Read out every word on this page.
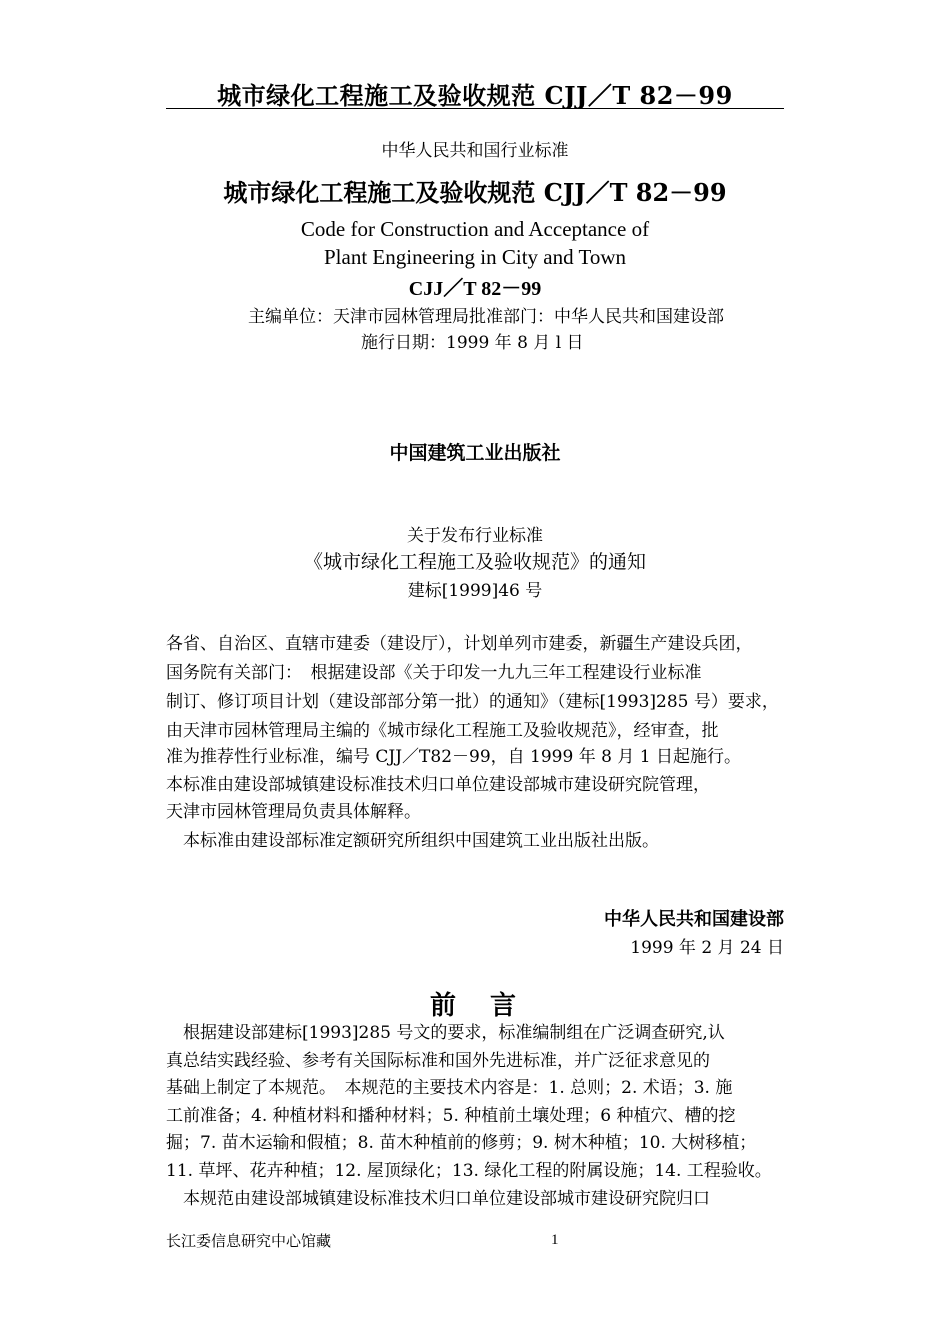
城市绿化工程施工及验收规范 CJJ／T 82－99
中华人民共和国行业标准
城市绿化工程施工及验收规范 CJJ／T 82－99
Code for Construction and Acceptance of
Plant Engineering in City and Town
CJJ／T 82－99
主编单位：天津市园林管理局批准部门：中华人民共和国建设部
施行日期：1999 年 8 月 l 日
中国建筑工业出版社
关于发布行业标准
《城市绿化工程施工及验收规范》的通知
建标[1999]46 号
各省、自治区、直辖市建委（建设厅），计划单列市建委，新疆生产建设兵团，
国务院有关部门：　根据建设部《关于印发一九九三年工程建设行业标准
制订、修订项目计划（建设部部分第一批）的通知》（建标[1993]285 号）要求，
由天津市园林管理局主编的《城市绿化工程施工及验收规范》，经审查，批
准为推荐性行业标准，编号 CJJ／T82－99，自 1999 年 8 月 1 日起施行。
本标准由建设部城镇建设标准技术归口单位建设部城市建设研究院管理，
天津市园林管理局负责具体解释。
　本标准由建设部标准定额研究所组织中国建筑工业出版社出版。
中华人民共和国建设部
1999 年 2 月 24 日
前　言
　根据建设部建标[1993]285 号文的要求，标准编制组在广泛调查研究,认
真总结实践经验、参考有关国际标准和国外先进标准，并广泛征求意见的
基础上制定了本规范。　本规范的主要技术内容是：1. 总则；2. 术语；3. 施
工前准备；4. 种植材料和播种材料；5. 种植前土壤处理；6 种植穴、槽的挖
掘；7. 苗木运输和假植；8. 苗木种植前的修剪；9. 树木种植；10. 大树移植；
11. 草坪、花卉种植；12. 屋顶绿化；13. 绿化工程的附属设施；14. 工程验收。
　本规范由建设部城镇建设标准技术归口单位建设部城市建设研究院归口
长江委信息研究中心馆藏	1
